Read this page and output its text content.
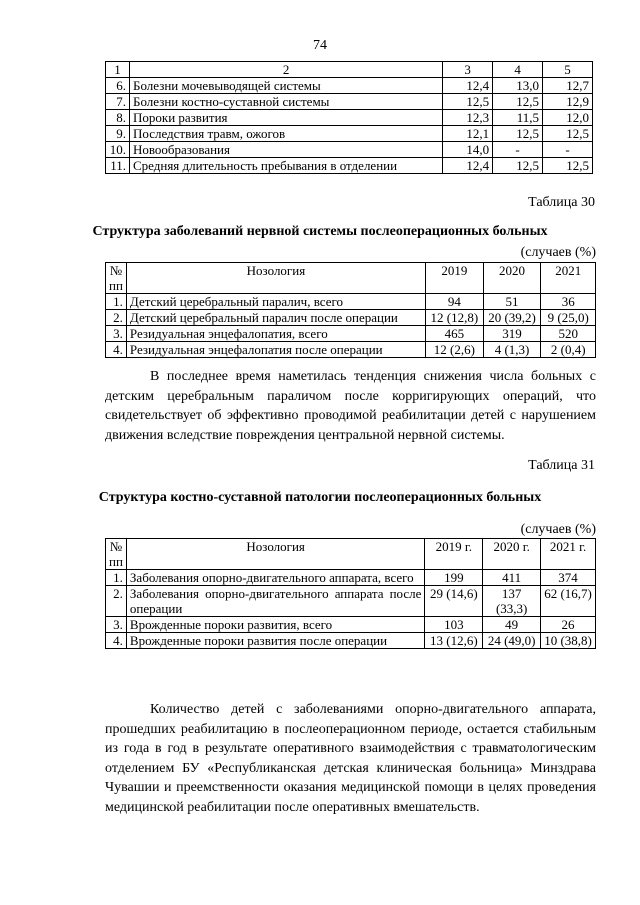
74
1	2	3	4	5
6.	Болезни мочевыводящей системы	12,4	13,0	12,7
7.	Болезни костно-суставной системы	12,5	12,5	12,9
8.	Пороки развития	12,3	11,5	12,0
9.	Последствия травм, ожогов	12,1	12,5	12,5
10.	Новообразования	14,0	-	-
11.	Средняя длительность пребывания в отделении	12,4	12,5	12,5
Таблица 30
Структура заболеваний нервной системы послеоперационных больных
(случаев (%)
№ пп	Нозология	2019	2020	2021
1.	Детский церебральный паралич, всего	94	51	36
2.	Детский церебральный паралич после операции	12 (12,8)	20 (39,2)	9 (25,0)
3.	Резидуальная энцефалопатия, всего	465	319	520
4.	Резидуальная энцефалопатия после операции	12 (2,6)	4 (1,3)	2 (0,4)

В последнее время наметилась тенденция снижения числа больных с детским церебральным параличом после корригирующих операций, что свидетельствует об эффективно проводимой реабилитации детей с нарушением движения вследствие повреждения центральной нервной системы.

Таблица 31
Структура костно-суставной патологии послеоперационных больных
(случаев (%)
№ пп	Нозология	2019 г.	2020 г.	2021 г.
1.	Заболевания опорно-двигательного аппарата, всего	199	411	374
2.	Заболевания опорно-двигательного аппарата после операции	29 (14,6)	137 (33,3)	62 (16,7)
3.	Врожденные пороки развития, всего	103	49	26
4.	Врожденные пороки развития после операции	13 (12,6)	24 (49,0)	10 (38,8)

Количество детей с заболеваниями опорно-двигательного аппарата, прошедших реабилитацию в послеоперационном периоде, остается стабильным из года в год в результате оперативного взаимодействия с травматологическим отделением БУ «Республиканская детская клиническая больница» Минздрава Чувашии и преемственности оказания медицинской помощи в целях проведения медицинской реабилитации после оперативных вмешательств.
